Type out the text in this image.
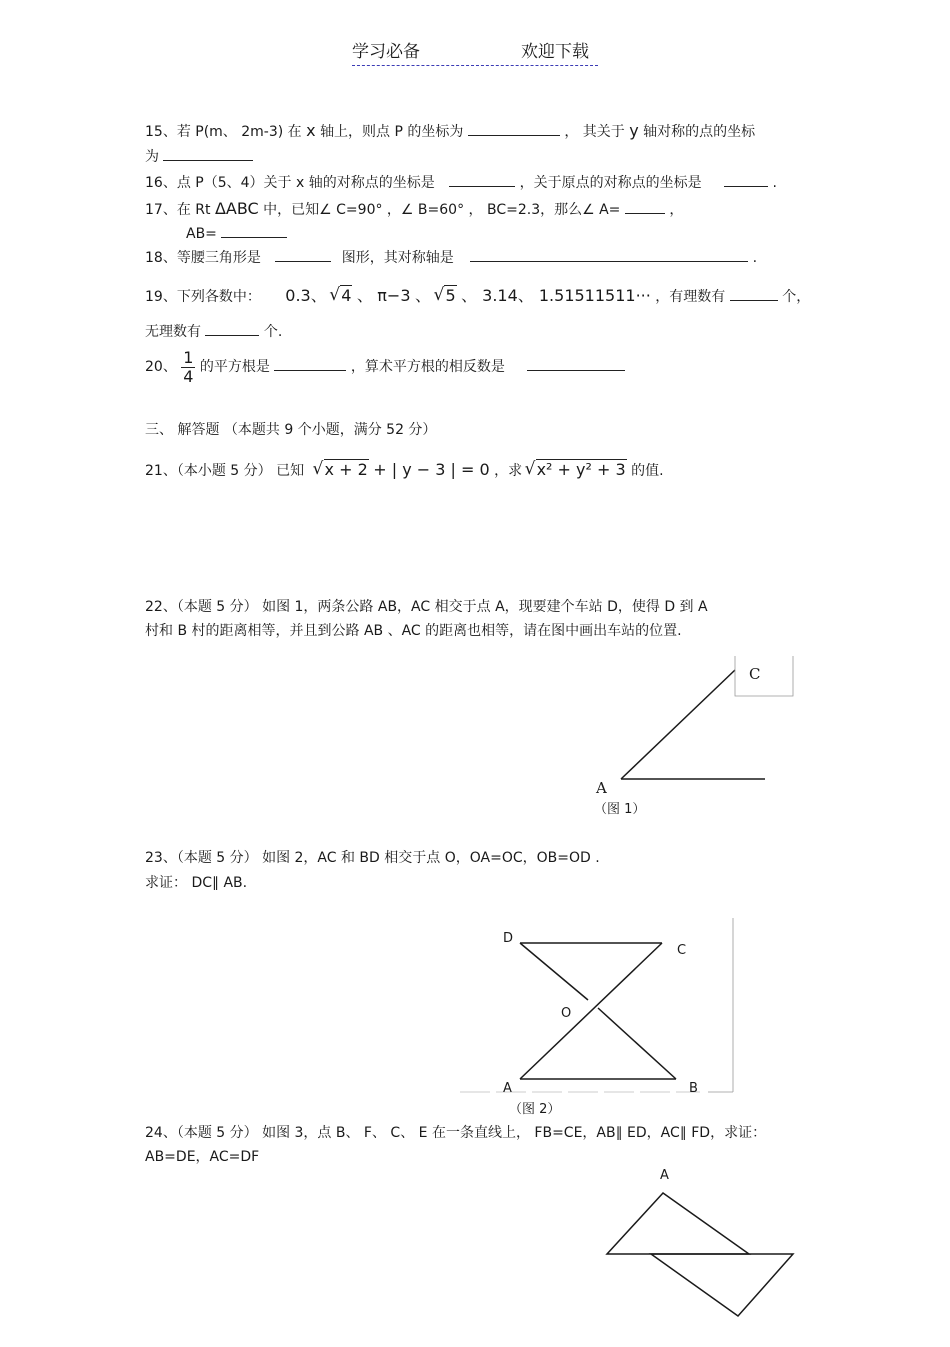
学习必备	欢迎下载
15、若 P(m、 2m-3) 在 x 轴上，则点 P 的坐标为	， 其关于 y 轴对称的点的坐标
为
16、点 P（5、4）关于 x 轴的对称点的坐标是	，关于原点的对称点的坐标是	.
17、在 Rt ΔABC 中，已知∠ C=90° ，∠ B=60° ， BC=2.3，那么∠ A=	，
AB=
18、等腰三角形是	图形，其对称轴是	.
19、下列各数中： 0.3、 √ 4 、 π−3 、 √ 5 、 3.14、 1.51511511··· ，有理数有	个，
无理数有	个.
20、 $\frac{1}{4}$ 的平方根是	，算术平方根的相反数是
三、 解答题 （本题共 9 个小题，满分 52 分）
21、（本小题 5 分） 已知 √ x + 2 + | y − 3 | = 0 ，求 √ x² + y² + 3 的值.
22、（本题 5 分） 如图 1，两条公路 AB，AC 相交于点 A，现要建个车站 D，使得 D 到 A
村和 B 村的距离相等，并且到公路 AB 、AC 的距离也相等，请在图中画出车站的位置.
C
A
（图 1）
23、（本题 5 分） 如图 2，AC 和 BD 相交于点 O，OA=OC，OB=OD .
求证： DC∥ AB.
D
C
O
A	B
（图 2）
24、（本题 5 分） 如图 3，点 B、 F、 C、 E 在一条直线上， FB=CE，AB∥ ED，AC∥ FD，求证：
AB=DE，AC=DF
A
